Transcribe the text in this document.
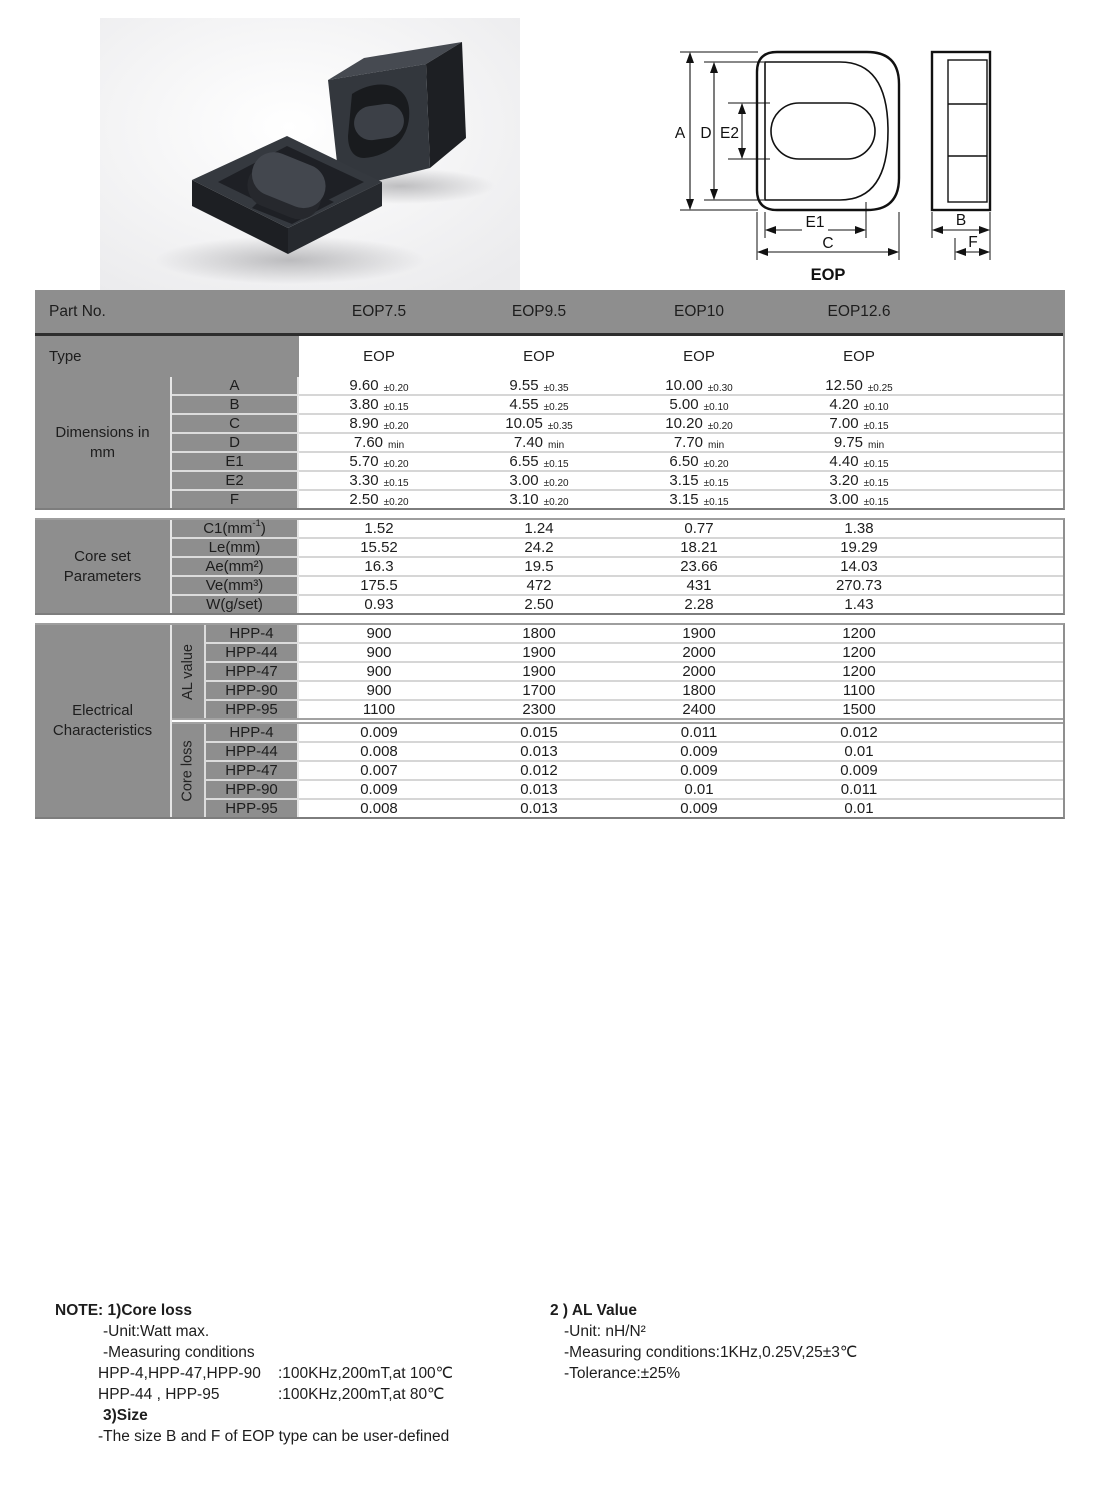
A D E2
E1
C
EOP
B
F
Part No.	EOP7.5	EOP9.5	EOP10	EOP12.6
Type	EOP	EOP	EOP	EOP
Dimensions in mm
A	9.60 ±0.20	9.55 ±0.35	10.00 ±0.30	12.50 ±0.25
B	3.80 ±0.15	4.55 ±0.25	5.00 ±0.10	4.20 ±0.10
C	8.90 ±0.20	10.05 ±0.35	10.20 ±0.20	7.00 ±0.15
D	7.60 min	7.40 min	7.70 min	9.75 min
E1	5.70 ±0.20	6.55 ±0.15	6.50 ±0.20	4.40 ±0.15
E2	3.30 ±0.15	3.00 ±0.20	3.15 ±0.15	3.20 ±0.15
F	2.50 ±0.20	3.10 ±0.20	3.15 ±0.15	3.00 ±0.15
Core set Parameters
C1(mm -1 )	1.52	1.24	0.77	1.38
Le(mm)	15.52	24.2	18.21	19.29
Ae(mm²)	16.3	19.5	23.66	14.03
Ve(mm³)	175.5	472	431	270.73
W(g/set)	0.93	2.50	2.28	1.43
Electrical Characteristics
AL value
HPP-4	900	1800	1900	1200
HPP-44	900	1900	2000	1200
HPP-47	900	1900	2000	1200
HPP-90	900	1700	1800	1100
HPP-95	1100	2300	2400	1500
Core loss
HPP-4	0.009	0.015	0.011	0.012
HPP-44	0.008	0.013	0.009	0.01
HPP-47	0.007	0.012	0.009	0.009
HPP-90	0.009	0.013	0.01	0.011
HPP-95	0.008	0.013	0.009	0.01
NOTE: 1)Core loss
-Unit:Watt max.
-Measuring conditions
HPP-4,HPP-47,HPP-90 :100KHz,200mT,at 100℃
HPP-44 , HPP-95	:100KHz,200mT,at 80℃
3)Size
-The size B and F of EOP type can be user-defined
2 ) AL Value
-Unit: nH/N²
-Measuring conditions:1KHz,0.25V,25±3℃
-Tolerance:±25%
